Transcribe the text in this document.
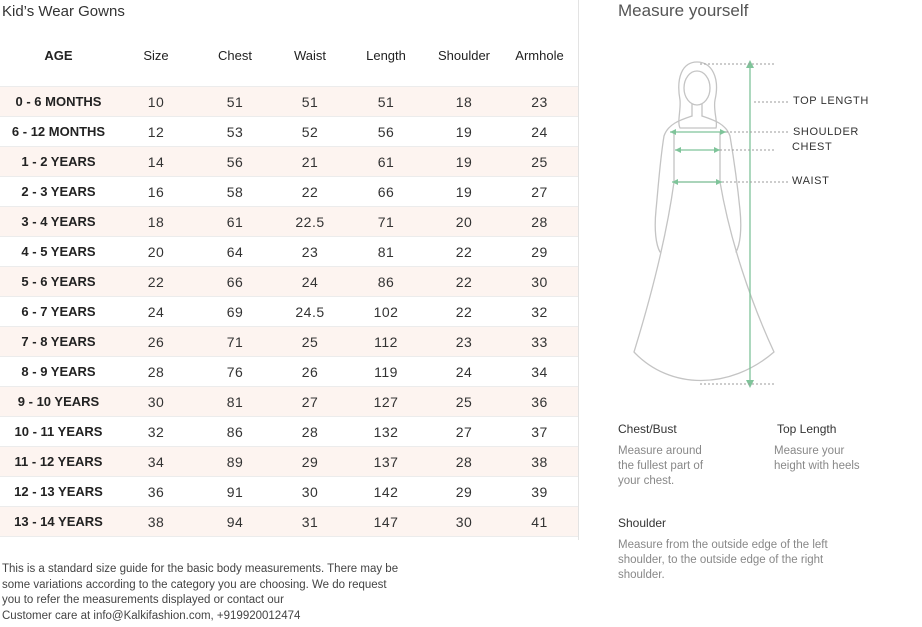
Kid’s Wear Gowns
AGE	Size	Chest	Waist	Length	Shoulder	Armhole
0 - 6 MONTHS	10	51	51	51	18	23
6 - 12 MONTHS	12	53	52	56	19	24
1 - 2 YEARS	14	56	21	61	19	25
2 - 3 YEARS	16	58	22	66	19	27
3 - 4 YEARS	18	61	22.5	71	20	28
4 - 5 YEARS	20	64	23	81	22	29
5 - 6 YEARS	22	66	24	86	22	30
6 - 7 YEARS	24	69	24.5	102	22	32
7 - 8 YEARS	26	71	25	112	23	33
8 - 9 YEARS	28	76	26	119	24	34
9 - 10 YEARS	30	81	27	127	25	36
10 - 11 YEARS	32	86	28	132	27	37
11 - 12 YEARS	34	89	29	137	28	38
12 - 13 YEARS	36	91	30	142	29	39
13 - 14 YEARS	38	94	31	147	30	41
This is a standard size guide for the basic body measurements. There may be
some variations according to the category you are choosing. We do request
you to refer the measurements displayed or contact our
Customer care at info@Kalkifashion.com, +919920012474
Measure yourself
TOP LENGTH
SHOULDER
CHEST
WAIST
Chest/Bust
Measure around
the fullest part of
your chest.
Top Length
Measure your
height with heels
Shoulder
Measure from the outside edge of the left
shoulder, to the outside edge of the right
shoulder.
